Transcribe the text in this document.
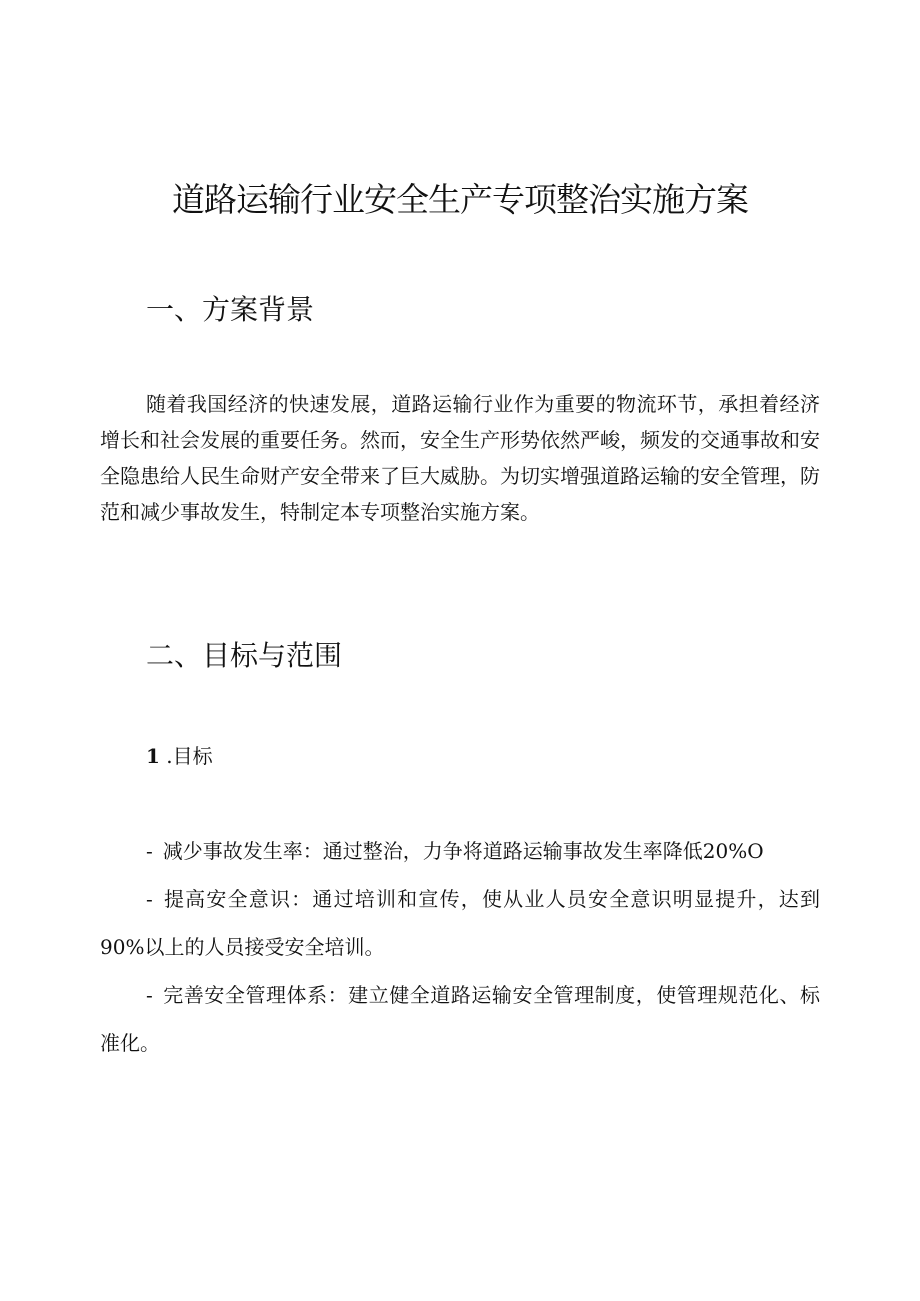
道路运输行业安全生产专项整治实施方案
一、方案背景

随着我国经济的快速发展，道路运输行业作为重要的物流环节，承担着经济增长和社会发展的重要任务。然而，安全生产形势依然严峻，频发的交通事故和安全隐患给人民生命财产安全带来了巨大威胁。为切实增强道路运输的安全管理，防范和减少事故发生，特制定本专项整治实施方案。

二、目标与范围

1 .目标

- 减少事故发生率：通过整治，力争将道路运输事故发生率降低20%O

- 提高安全意识：通过培训和宣传，使从业人员安全意识明显提升，达到90%以上的人员接受安全培训。

- 完善安全管理体系：建立健全道路运输安全管理制度，使管理规范化、标准化。
